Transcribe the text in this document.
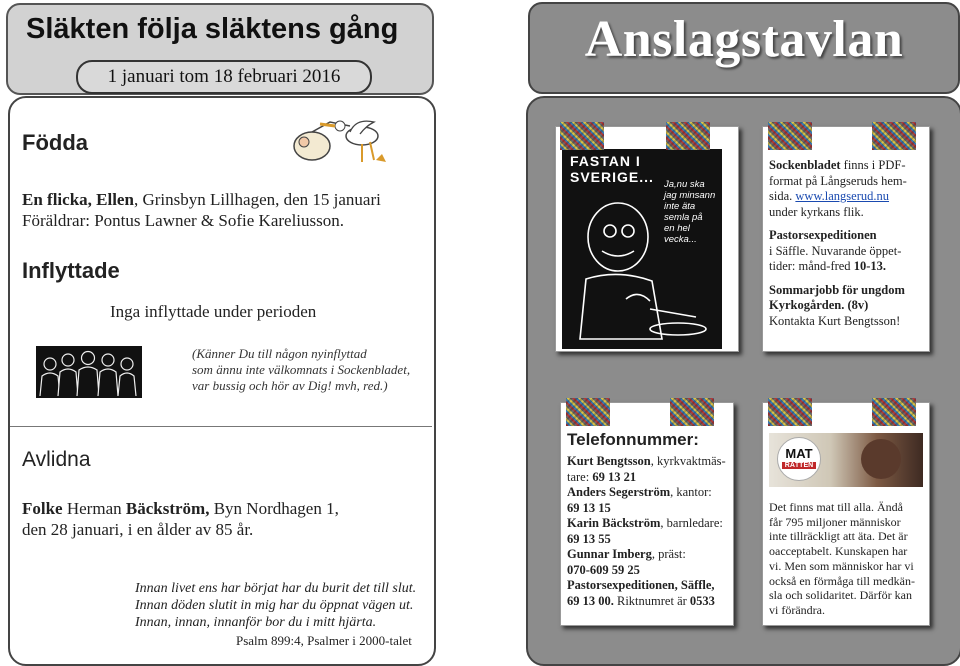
Släkten följa släktens gång
1 januari tom 18 februari 2016
Födda
En flicka, Ellen, Grinsbyn Lillhagen, den 15 januari
Föräldrar: Pontus Lawner & Sofie Kareliusson.
Inflyttade
Inga inflyttade under perioden
(Känner Du till någon nyinflyttad
som ännu inte välkomnats i Sockenbladet,
var bussig och hör av Dig! mvh, red.)
Avlidna
Folke Herman Bäckström, Byn Nordhagen 1,
den 28 januari, i en ålder av 85 år.
Innan livet ens har börjat har du burit det till slut.
Innan döden slutit in mig har du öppnat vägen ut.
Innan, innan, innanför bor du i mitt hjärta.
Psalm 899:4, Psalmer i 2000-talet
Anslagstavlan
FASTAN I SVERIGE...	Ja,nu ska
jag minsann
inte äta
semla på
en hel
vecka...
Sockenbladet finns i PDF-
format på Långseruds hem-
sida. www.langserud.nu
under kyrkans flik.
Pastorsexpeditionen
i Säffle. Nuvarande öppet-
tider: månd-fred 10-13.
Sommarjobb för ungdom
Kyrkogården. (8v)
Kontakta Kurt Bengtsson!
Telefonnummer:
Kurt Bengtsson, kyrkvaktmäs-
tare: 69 13 21
Anders Segerström, kantor:
69 13 15
Karin Bäckström, barnledare:
69 13 55
Gunnar Imberg, präst:
070-609 59 25
Pastorsexpeditionen, Säffle,
69 13 00. Riktnumret är 0533
MAT
RÄTTEN
Det finns mat till alla. Ändå
får 795 miljoner människor
inte tillräckligt att äta. Det är
oacceptabelt. Kunskapen har
vi. Men som människor har vi
också en förmåga till medkän-
sla och solidaritet. Därför kan
vi förändra.
